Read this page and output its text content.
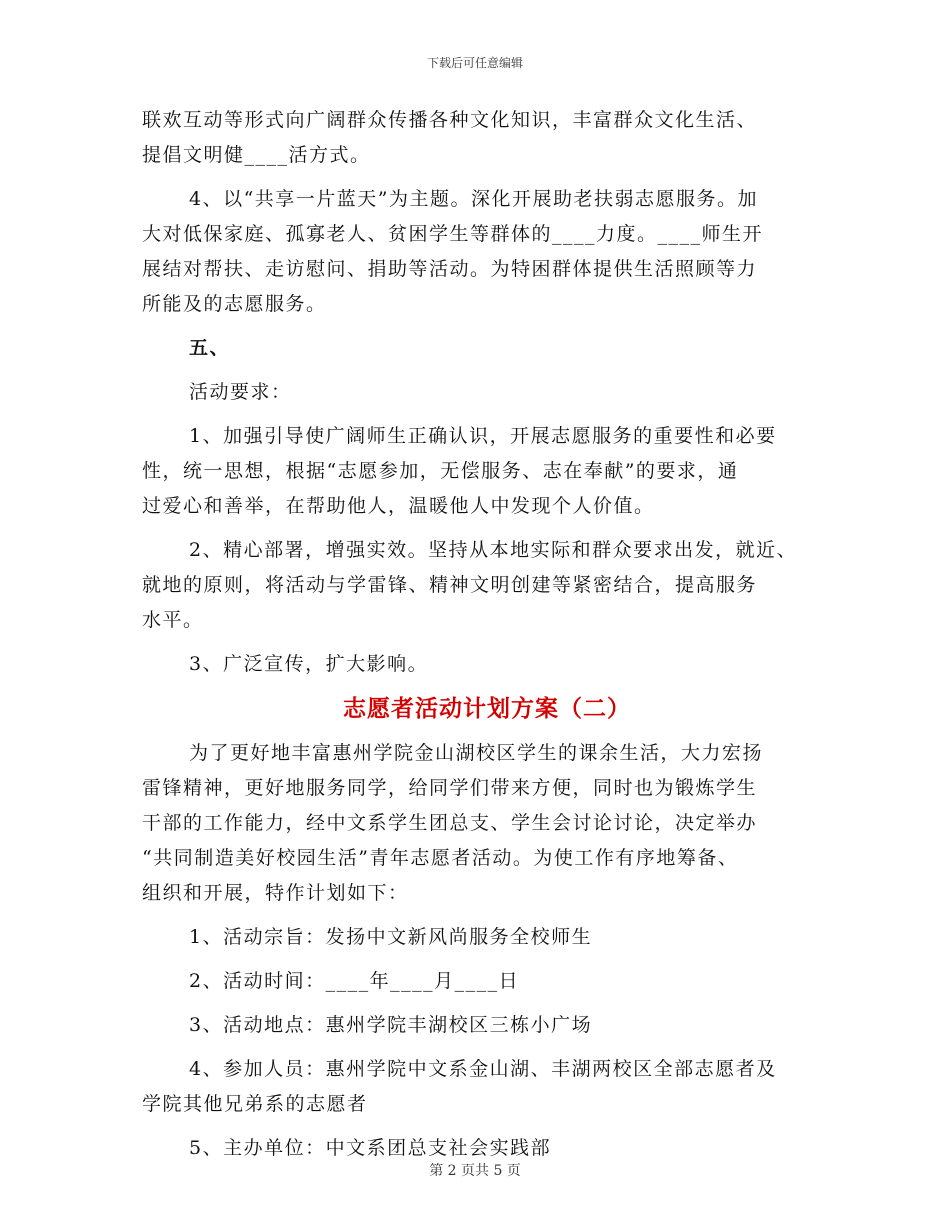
下载后可任意编辑
联欢互动等形式向广阔群众传播各种文化知识，丰富群众文化生活、
提倡文明健____活方式。
4、以“共享一片蓝天”为主题。深化开展助老扶弱志愿服务。加
大对低保家庭、孤寡老人、贫困学生等群体的____力度。____师生开
展结对帮扶、走访慰问、捐助等活动。为特困群体提供生活照顾等力
所能及的志愿服务。
五、
活动要求：
1、加强引导使广阔师生正确认识，开展志愿服务的重要性和必要
性，统一思想，根据“志愿参加，无偿服务、志在奉献”的要求，通
过爱心和善举，在帮助他人，温暖他人中发现个人价值。
2、精心部署，增强实效。坚持从本地实际和群众要求出发，就近、
就地的原则，将活动与学雷锋、精神文明创建等紧密结合，提高服务
水平。
3、广泛宣传，扩大影响。
志愿者活动计划方案（二）
为了更好地丰富惠州学院金山湖校区学生的课余生活，大力宏扬
雷锋精神，更好地服务同学，给同学们带来方便，同时也为锻炼学生
干部的工作能力，经中文系学生团总支、学生会讨论讨论，决定举办
“共同制造美好校园生活”青年志愿者活动。为使工作有序地筹备、
组织和开展，特作计划如下：
1、活动宗旨：发扬中文新风尚服务全校师生
2、活动时间：____年____月____日
3、活动地点：惠州学院丰湖校区三栋小广场
4、参加人员：惠州学院中文系金山湖、丰湖两校区全部志愿者及
学院其他兄弟系的志愿者
5、主办单位：中文系团总支社会实践部
第 2 页共 5 页
